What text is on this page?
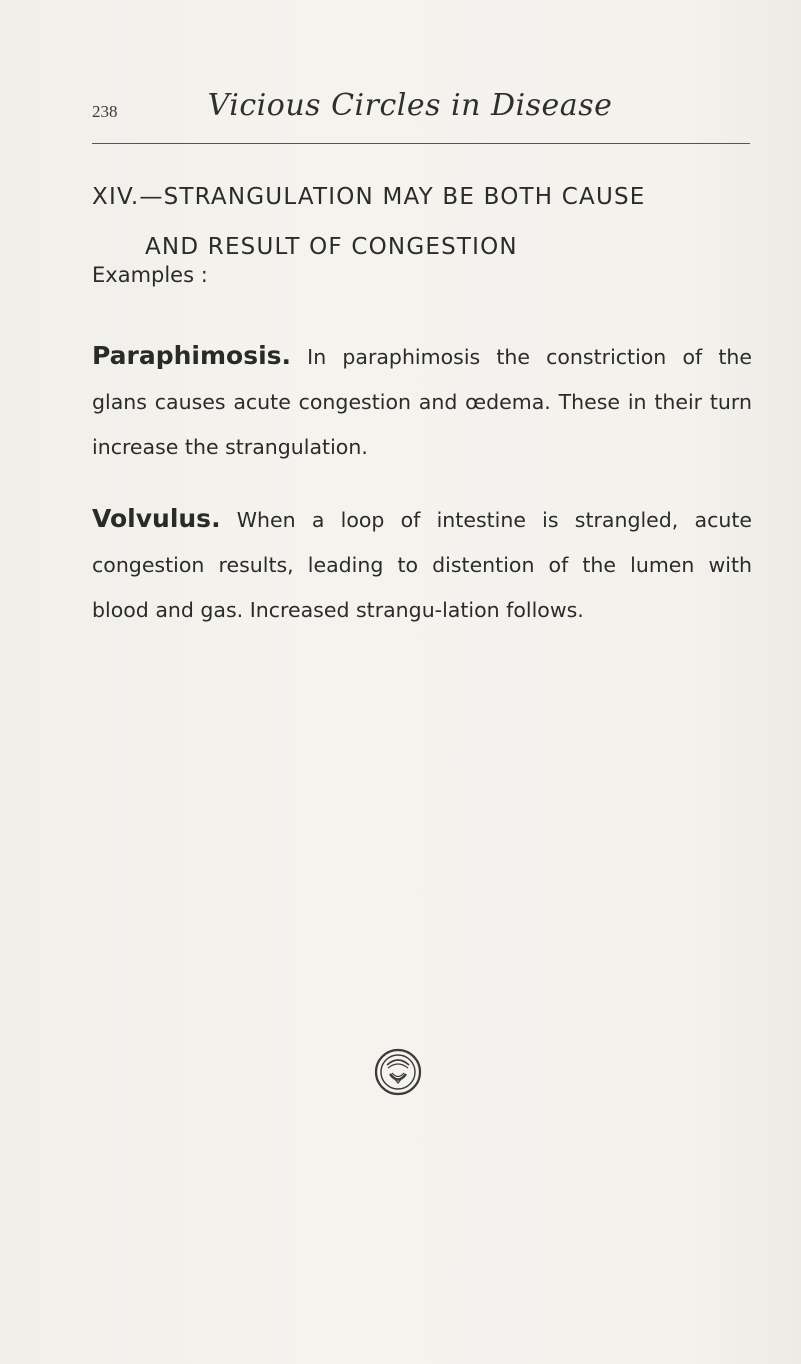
238	Vicious Circles in Disease
XIV.—STRANGULATION MAY BE BOTH CAUSE
AND RESULT OF CONGESTION
Examples :

Paraphimosis. In paraphimosis the constriction of the glans causes acute congestion and œdema. These in their turn increase the strangulation.

Volvulus. When a loop of intestine is strangled, acute congestion results, leading to distention of the lumen with blood and gas. Increased strangu-lation follows.
